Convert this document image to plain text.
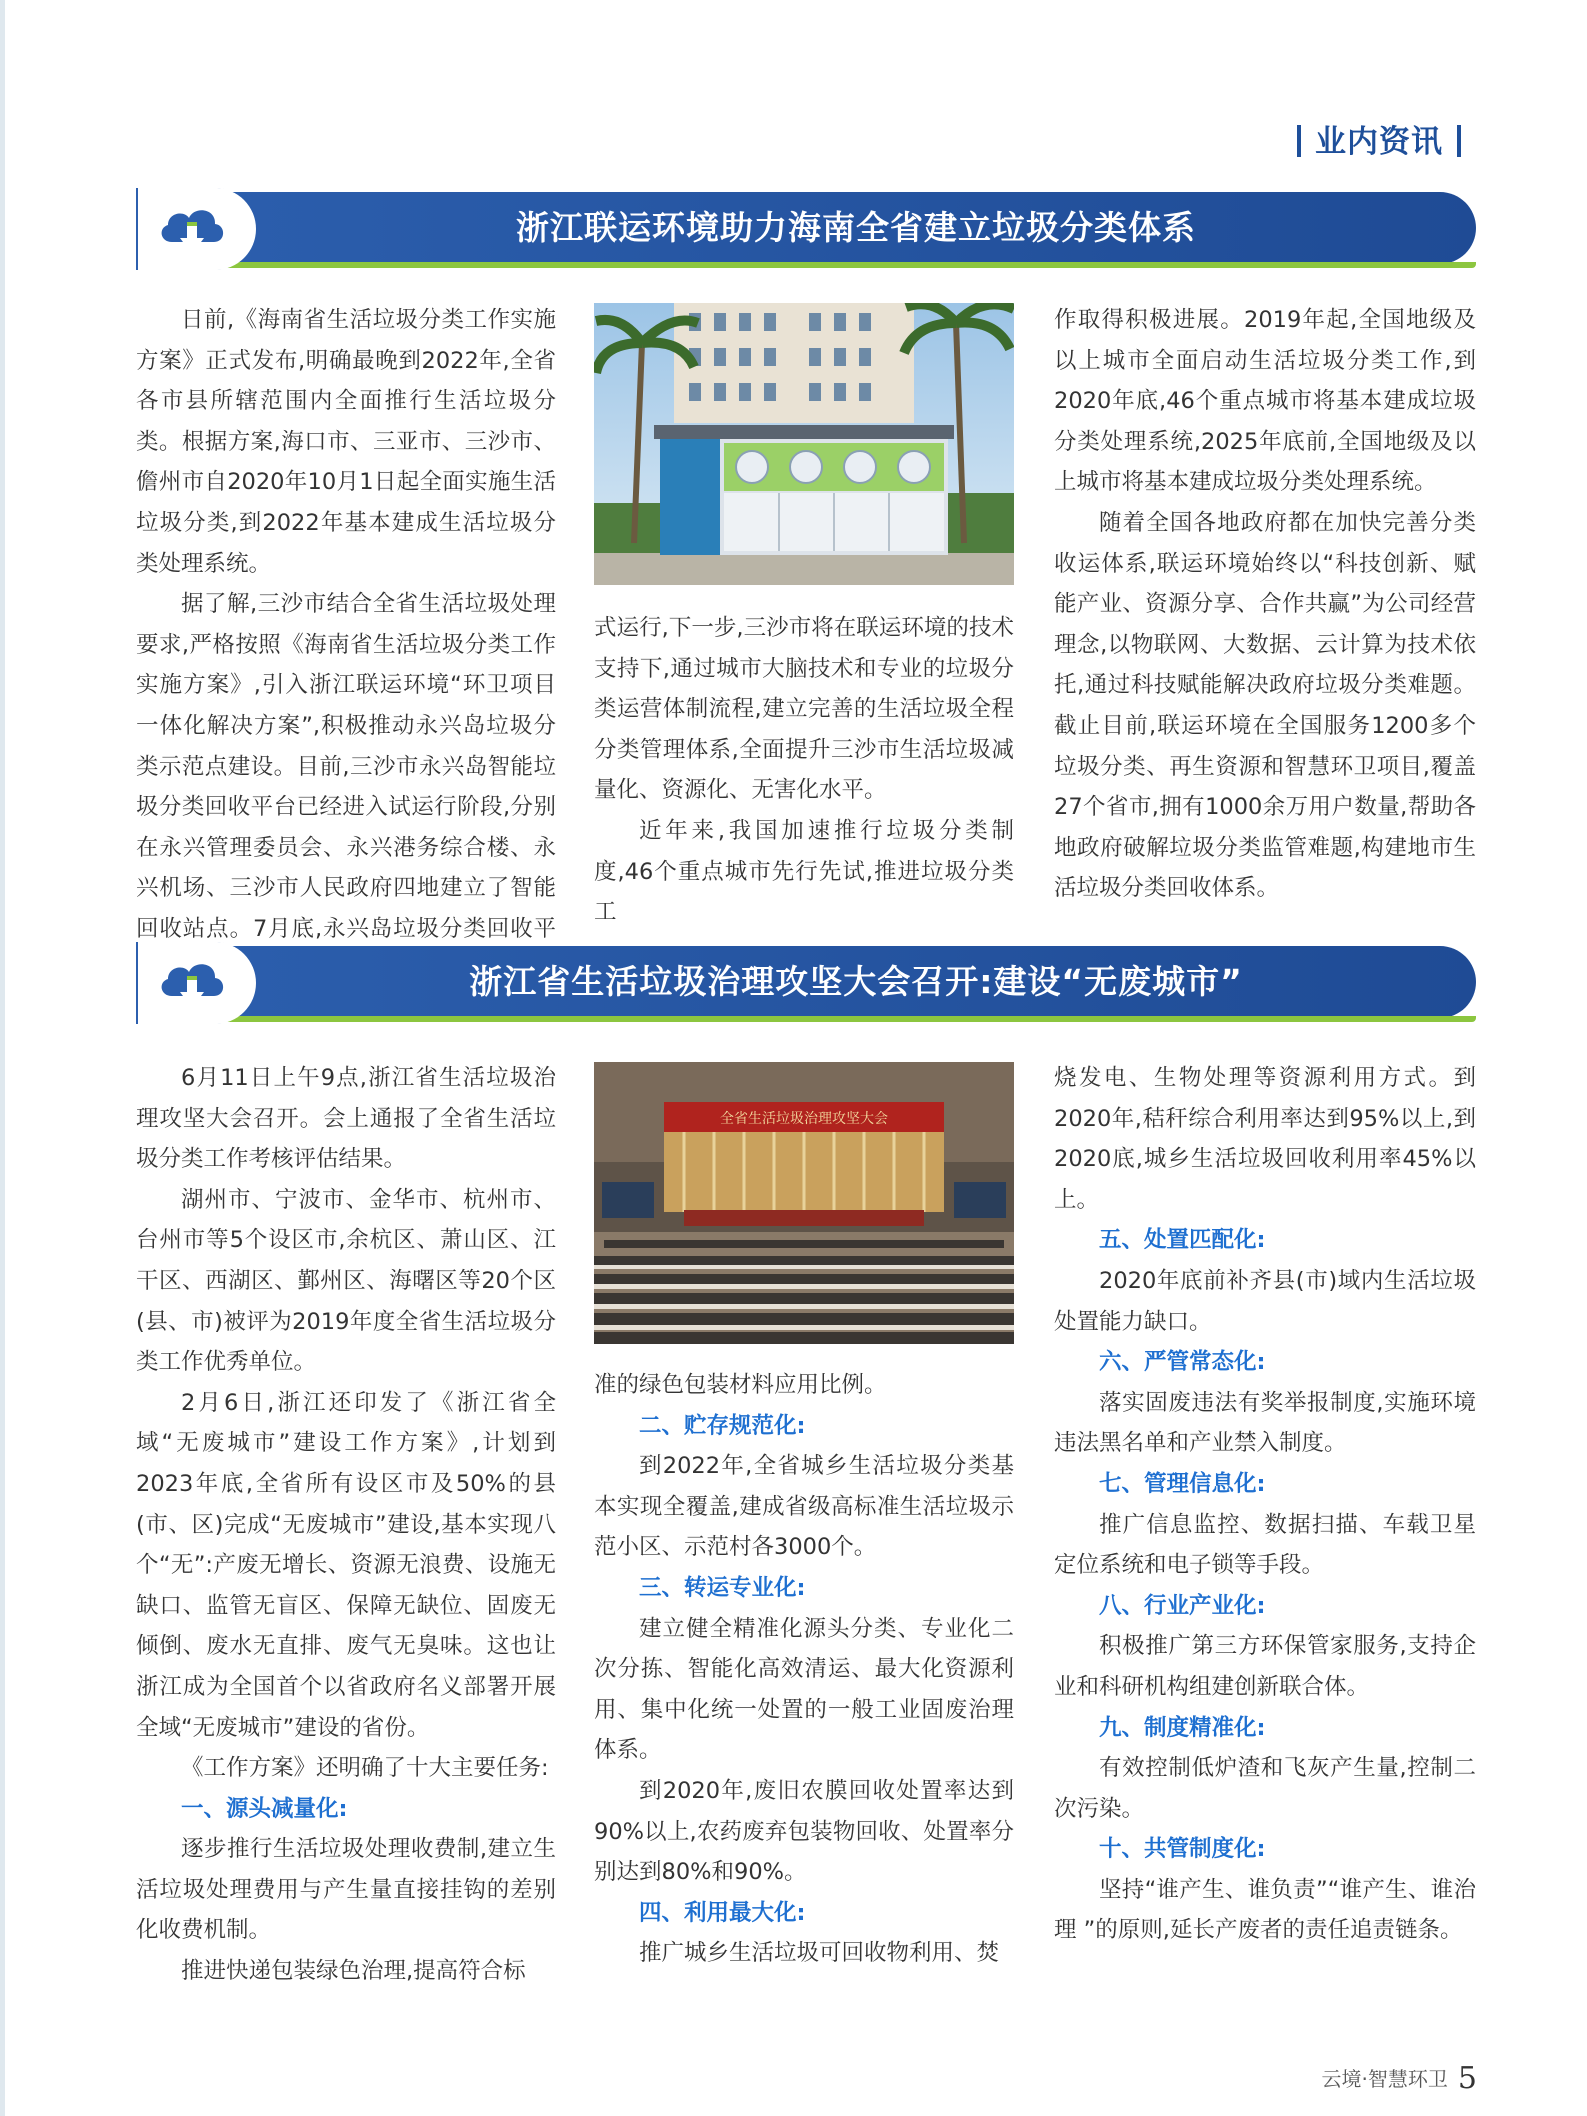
业内资讯
浙江联运环境助力海南全省建立垃圾分类体系

日前,《海南省生活垃圾分类工作实施方案》正式发布,明确最晚到2022年,全省各市县所辖范围内全面推行生活垃圾分类。根据方案,海口市、三亚市、三沙市、儋州市自2020年10月1日起全面实施生活垃圾分类,到2022年基本建成生活垃圾分类处理系统。

据了解,三沙市结合全省生活垃圾处理要求,严格按照《海南省生活垃圾分类工作实施方案》,引入浙江联运环境“环卫项目一体化解决方案”,积极推动永兴岛垃圾分类示范点建设。目前,三沙市永兴岛智能垃圾分类回收平台已经进入试运行阶段,分别在永兴管理委员会、永兴港务综合楼、永兴机场、三沙市人民政府四地建立了智能回收站点。7月底,永兴岛垃圾分类回收平

式运行,下一步,三沙市将在联运环境的技术支持下,通过城市大脑技术和专业的垃圾分类运营体制流程,建立完善的生活垃圾全程分类管理体系,全面提升三沙市生活垃圾减量化、资源化、无害化水平。

近年来,我国加速推行垃圾分类制度,46个重点城市先行先试,推进垃圾分类工

作取得积极进展。2019年起,全国地级及以上城市全面启动生活垃圾分类工作,到2020年底,46个重点城市将基本建成垃圾分类处理系统,2025年底前,全国地级及以上城市将基本建成垃圾分类处理系统。

随着全国各地政府都在加快完善分类收运体系,联运环境始终以“科技创新、赋能产业、资源分享、合作共赢”为公司经营理念,以物联网、大数据、云计算为技术依托,通过科技赋能解决政府垃圾分类难题。截止目前,联运环境在全国服务1200多个垃圾分类、再生资源和智慧环卫项目,覆盖27个省市,拥有1000余万用户数量,帮助各地政府破解垃圾分类监管难题,构建地市生活垃圾分类回收体系。

浙江省生活垃圾治理攻坚大会召开:建设“无废城市”

6月11日上午9点,浙江省生活垃圾治理攻坚大会召开。会上通报了全省生活垃圾分类工作考核评估结果。

湖州市、宁波市、金华市、杭州市、台州市等5个设区市,余杭区、萧山区、江干区、西湖区、鄞州区、海曙区等20个区(县、市)被评为2019年度全省生活垃圾分类工作优秀单位。

2月6日,浙江还印发了《浙江省全域“无废城市”建设工作方案》,计划到2023年底,全省所有设区市及50%的县(市、区)完成“无废城市”建设,基本实现八个“无”:产废无增长、资源无浪费、设施无缺口、监管无盲区、保障无缺位、固废无倾倒、废水无直排、废气无臭味。这也让浙江成为全国首个以省政府名义部署开展全域“无废城市”建设的省份。

《工作方案》还明确了十大主要任务:

一、源头减量化:

逐步推行生活垃圾处理收费制,建立生活垃圾处理费用与产生量直接挂钩的差别化收费机制。

推进快递包装绿色治理,提高符合标

全省生活垃圾治理攻坚大会

准的绿色包装材料应用比例。

二、贮存规范化:

到2022年,全省城乡生活垃圾分类基本实现全覆盖,建成省级高标准生活垃圾示范小区、示范村各3000个。

三、转运专业化:

建立健全精准化源头分类、专业化二次分拣、智能化高效清运、最大化资源利用、集中化统一处置的一般工业固废治理体系。

到2020年,废旧农膜回收处置率达到90%以上,农药废弃包装物回收、处置率分别达到80%和90%。

四、利用最大化:

推广城乡生活垃圾可回收物利用、焚

烧发电、生物处理等资源利用方式。到2020年,秸秆综合利用率达到95%以上,到2020底,城乡生活垃圾回收利用率45%以上。

五、处置匹配化:

2020年底前补齐县(市)域内生活垃圾处置能力缺口。

六、严管常态化:

落实固废违法有奖举报制度,实施环境违法黑名单和产业禁入制度。

七、管理信息化:

推广信息监控、数据扫描、车载卫星定位系统和电子锁等手段。

八、行业产业化:

积极推广第三方环保管家服务,支持企业和科研机构组建创新联合体。

九、制度精准化:

有效控制低炉渣和飞灰产生量,控制二次污染。

十、共管制度化:

坚持“谁产生、谁负责”“谁产生、谁治理 ”的原则,延长产废者的责任追责链条。

云境·智慧环卫 5
